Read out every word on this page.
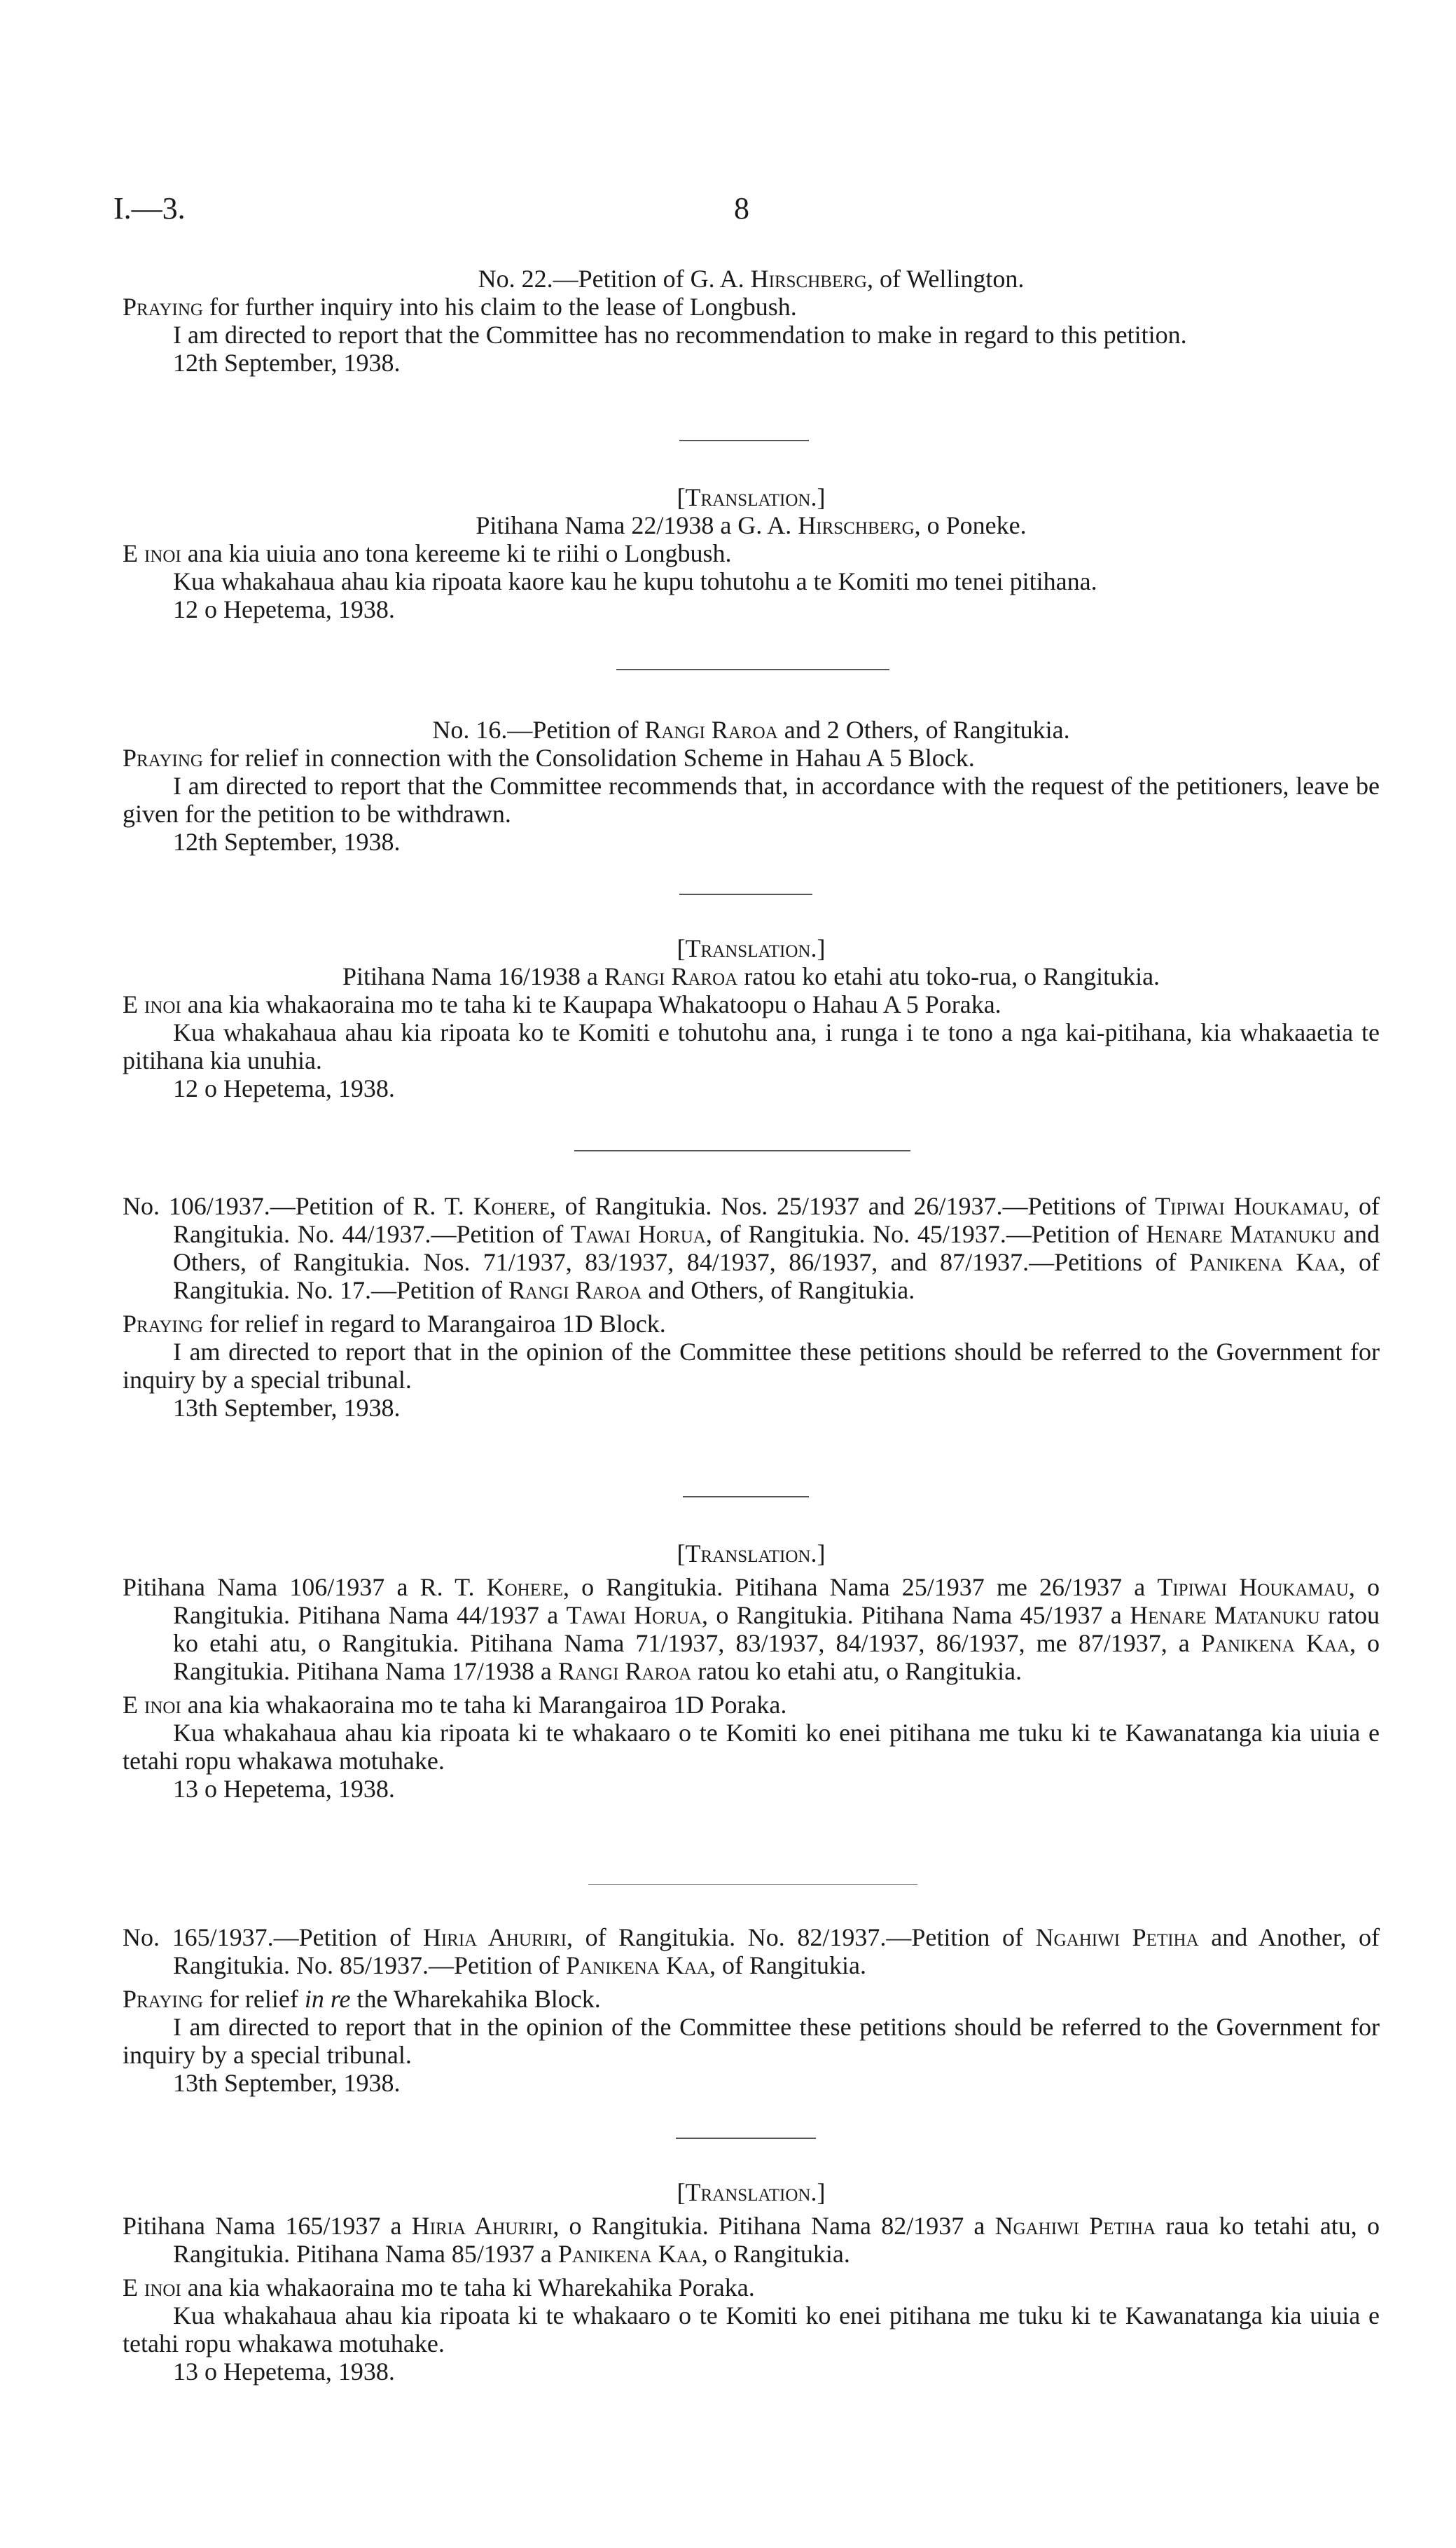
I.—3.	8

No. 22.—Petition of G. A. Hirschberg, of Wellington.

Praying for further inquiry into his claim to the lease of Longbush.

I am directed to report that the Committee has no recommendation to make in regard to this petition.

12th September, 1938.

[Translation.]

Pitihana Nama 22/1938 a G. A. Hirschberg, o Poneke.

E inoi ana kia uiuia ano tona kereeme ki te riihi o Longbush.

Kua whakahaua ahau kia ripoata kaore kau he kupu tohutohu a te Komiti mo tenei pitihana.

12 o Hepetema, 1938.

No. 16.—Petition of Rangi Raroa and 2 Others, of Rangitukia.

Praying for relief in connection with the Consolidation Scheme in Hahau A 5 Block.

I am directed to report that the Committee recommends that, in accordance with the request of the petitioners, leave be given for the petition to be withdrawn.

12th September, 1938.

[Translation.]

Pitihana Nama 16/1938 a Rangi Raroa ratou ko etahi atu toko-rua, o Rangitukia.

E inoi ana kia whakaoraina mo te taha ki te Kaupapa Whakatoopu o Hahau A 5 Poraka.

Kua whakahaua ahau kia ripoata ko te Komiti e tohutohu ana, i runga i te tono a nga kai-pitihana, kia whakaaetia te pitihana kia unuhia.

12 o Hepetema, 1938.

No. 106/1937.—Petition of R. T. Kohere, of Rangitukia. Nos. 25/1937 and 26/1937.—Petitions of Tipiwai Houkamau, of Rangitukia. No. 44/1937.—Petition of Tawai Horua, of Rangitukia. No. 45/1937.—Petition of Henare Matanuku and Others, of Rangitukia. Nos. 71/1937, 83/1937, 84/1937, 86/1937, and 87/1937.—Petitions of Panikena Kaa, of Rangitukia. No. 17.—Petition of Rangi Raroa and Others, of Rangitukia.

Praying for relief in regard to Marangairoa 1D Block.

I am directed to report that in the opinion of the Committee these petitions should be referred to the Government for inquiry by a special tribunal.

13th September, 1938.

[Translation.]

Pitihana Nama 106/1937 a R. T. Kohere, o Rangitukia. Pitihana Nama 25/1937 me 26/1937 a Tipiwai Houkamau, o Rangitukia. Pitihana Nama 44/1937 a Tawai Horua, o Rangitukia. Pitihana Nama 45/1937 a Henare Matanuku ratou ko etahi atu, o Rangitukia. Pitihana Nama 71/1937, 83/1937, 84/1937, 86/1937, me 87/1937, a Panikena Kaa, o Rangitukia. Pitihana Nama 17/1938 a Rangi Raroa ratou ko etahi atu, o Rangitukia.

E inoi ana kia whakaoraina mo te taha ki Marangairoa 1D Poraka.

Kua whakahaua ahau kia ripoata ki te whakaaro o te Komiti ko enei pitihana me tuku ki te Kawanatanga kia uiuia e tetahi ropu whakawa motuhake.

13 o Hepetema, 1938.

No. 165/1937.—Petition of Hiria Ahuriri, of Rangitukia. No. 82/1937.—Petition of Ngahiwi Petiha and Another, of Rangitukia. No. 85/1937.—Petition of Panikena Kaa, of Rangitukia.

Praying for relief in re the Wharekahika Block.

I am directed to report that in the opinion of the Committee these petitions should be referred to the Government for inquiry by a special tribunal.

13th September, 1938.

[Translation.]

Pitihana Nama 165/1937 a Hiria Ahuriri, o Rangitukia. Pitihana Nama 82/1937 a Ngahiwi Petiha raua ko tetahi atu, o Rangitukia. Pitihana Nama 85/1937 a Panikena Kaa, o Rangitukia.

E inoi ana kia whakaoraina mo te taha ki Wharekahika Poraka.

Kua whakahaua ahau kia ripoata ki te whakaaro o te Komiti ko enei pitihana me tuku ki te Kawanatanga kia uiuia e tetahi ropu whakawa motuhake.

13 o Hepetema, 1938.
